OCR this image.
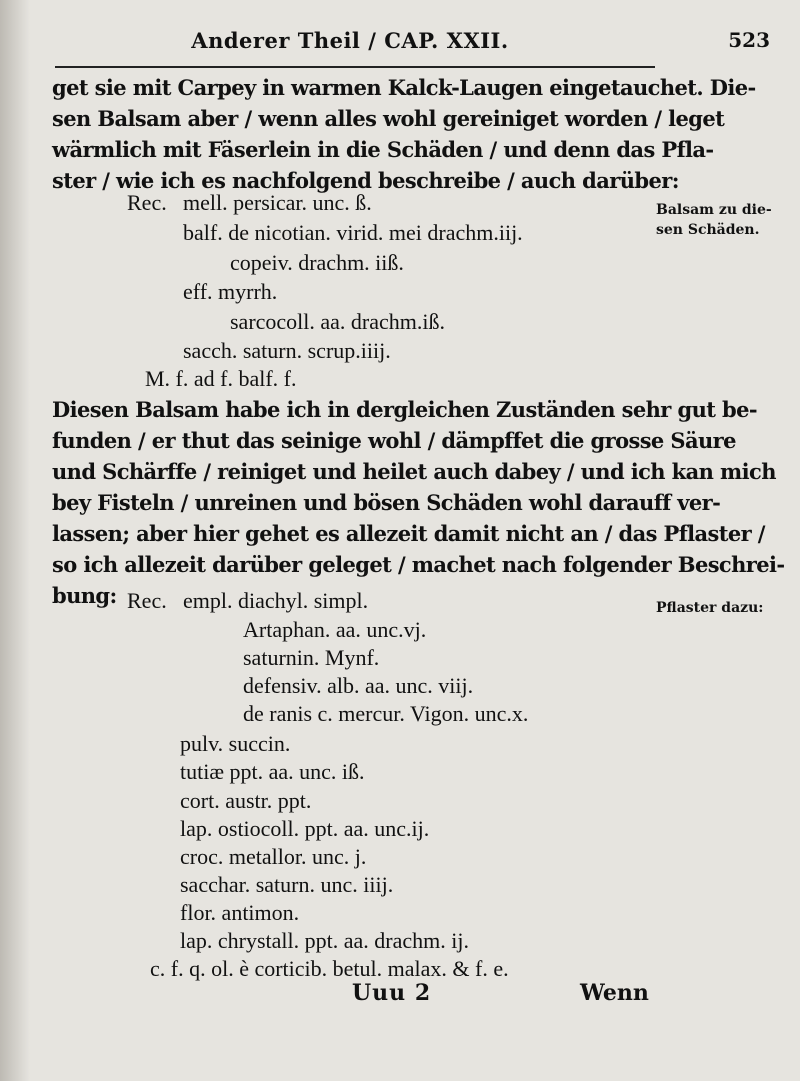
Anderer Theil / CAP. XXII.	523
get sie mit Carpey in warmen Kalck-Laugen eingetauchet. Die-
sen Balsam aber / wenn alles wohl gereiniget worden / leget
wärmlich mit Fäserlein in die Schäden / und denn das Pfla-
ster / wie ich es nachfolgend beschreibe / auch darüber:
Balsam zu die-sen Schäden.
Rec. mell. persicar. unc. ß.
balf. de nicotian. virid. mei drachm.iij.
copeiv. drachm. iiß.
eff. myrrh.
sarcocoll. aa. drachm.iß.
sacch. saturn. scrup.iiij.
M. f. ad f. balf. f.
Diesen Balsam habe ich in dergleichen Zuständen sehr gut be-
funden / er thut das seinige wohl / dämpffet die grosse Säure
und Schärffe / reiniget und heilet auch dabey / und ich kan mich
bey Fisteln / unreinen und bösen Schäden wohl darauff ver-
lassen; aber hier gehet es allezeit damit nicht an / das Pflaster /
so ich allezeit darüber geleget / machet nach folgender Beschrei-
bung:	Pflaster dazu:
Rec. empl. diachyl. simpl.
Artaphan. aa. unc.vj.
saturnin. Mynf.
defensiv. alb. aa. unc. viij.
de ranis c. mercur. Vigon. unc.x.
pulv. succin.
tutiæ ppt. aa. unc. iß.
cort. austr. ppt.
lap. ostiocoll. ppt. aa. unc.ij.
croc. metallor. unc. j.
sacchar. saturn. unc. iiij.
flor. antimon.
lap. chrystall. ppt. aa. drachm. ij.
c. f. q. ol. è corticib. betul. malax. & f. e.
Uuu 2	Wenn
